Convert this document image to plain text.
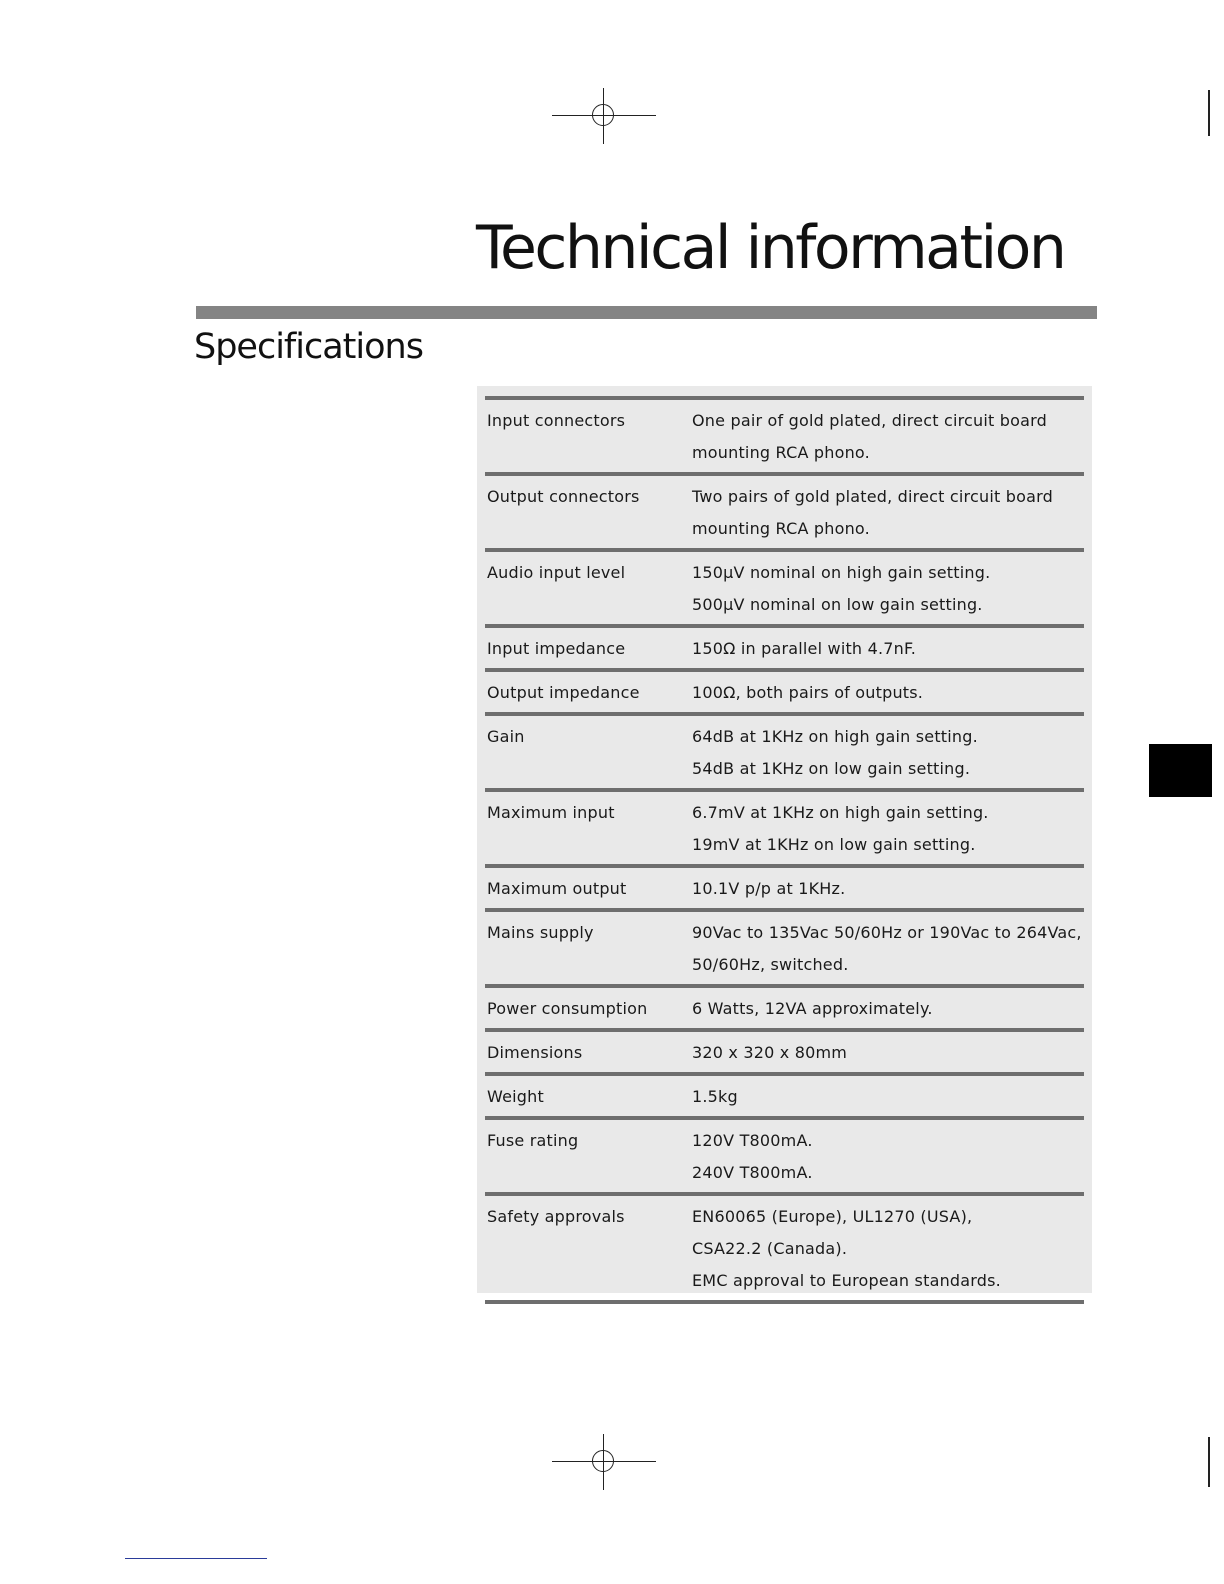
Technical information
Specifications
Input connectors	One pair of gold plated, direct circuit board
mounting RCA phono.
Output connectors	Two pairs of gold plated, direct circuit board
mounting RCA phono.
Audio input level	150µV nominal on high gain setting.
500µV nominal on low gain setting.
Input impedance	150Ω in parallel with 4.7nF.
Output impedance	100Ω, both pairs of outputs.
Gain	64dB at 1KHz on high gain setting.
54dB at 1KHz on low gain setting.
Maximum input	6.7mV at 1KHz on high gain setting.
19mV at 1KHz on low gain setting.
Maximum output	10.1V p/p at 1KHz.
Mains supply	90Vac to 135Vac 50/60Hz or 190Vac to 264Vac,
50/60Hz, switched.
Power consumption	6 Watts, 12VA approximately.
Dimensions	320 x 320 x 80mm
Weight	1.5kg
Fuse rating	120V T800mA.
240V T800mA.
Safety approvals	EN60065 (Europe), UL1270 (USA),
CSA22.2 (Canada).
EMC approval to European standards.
